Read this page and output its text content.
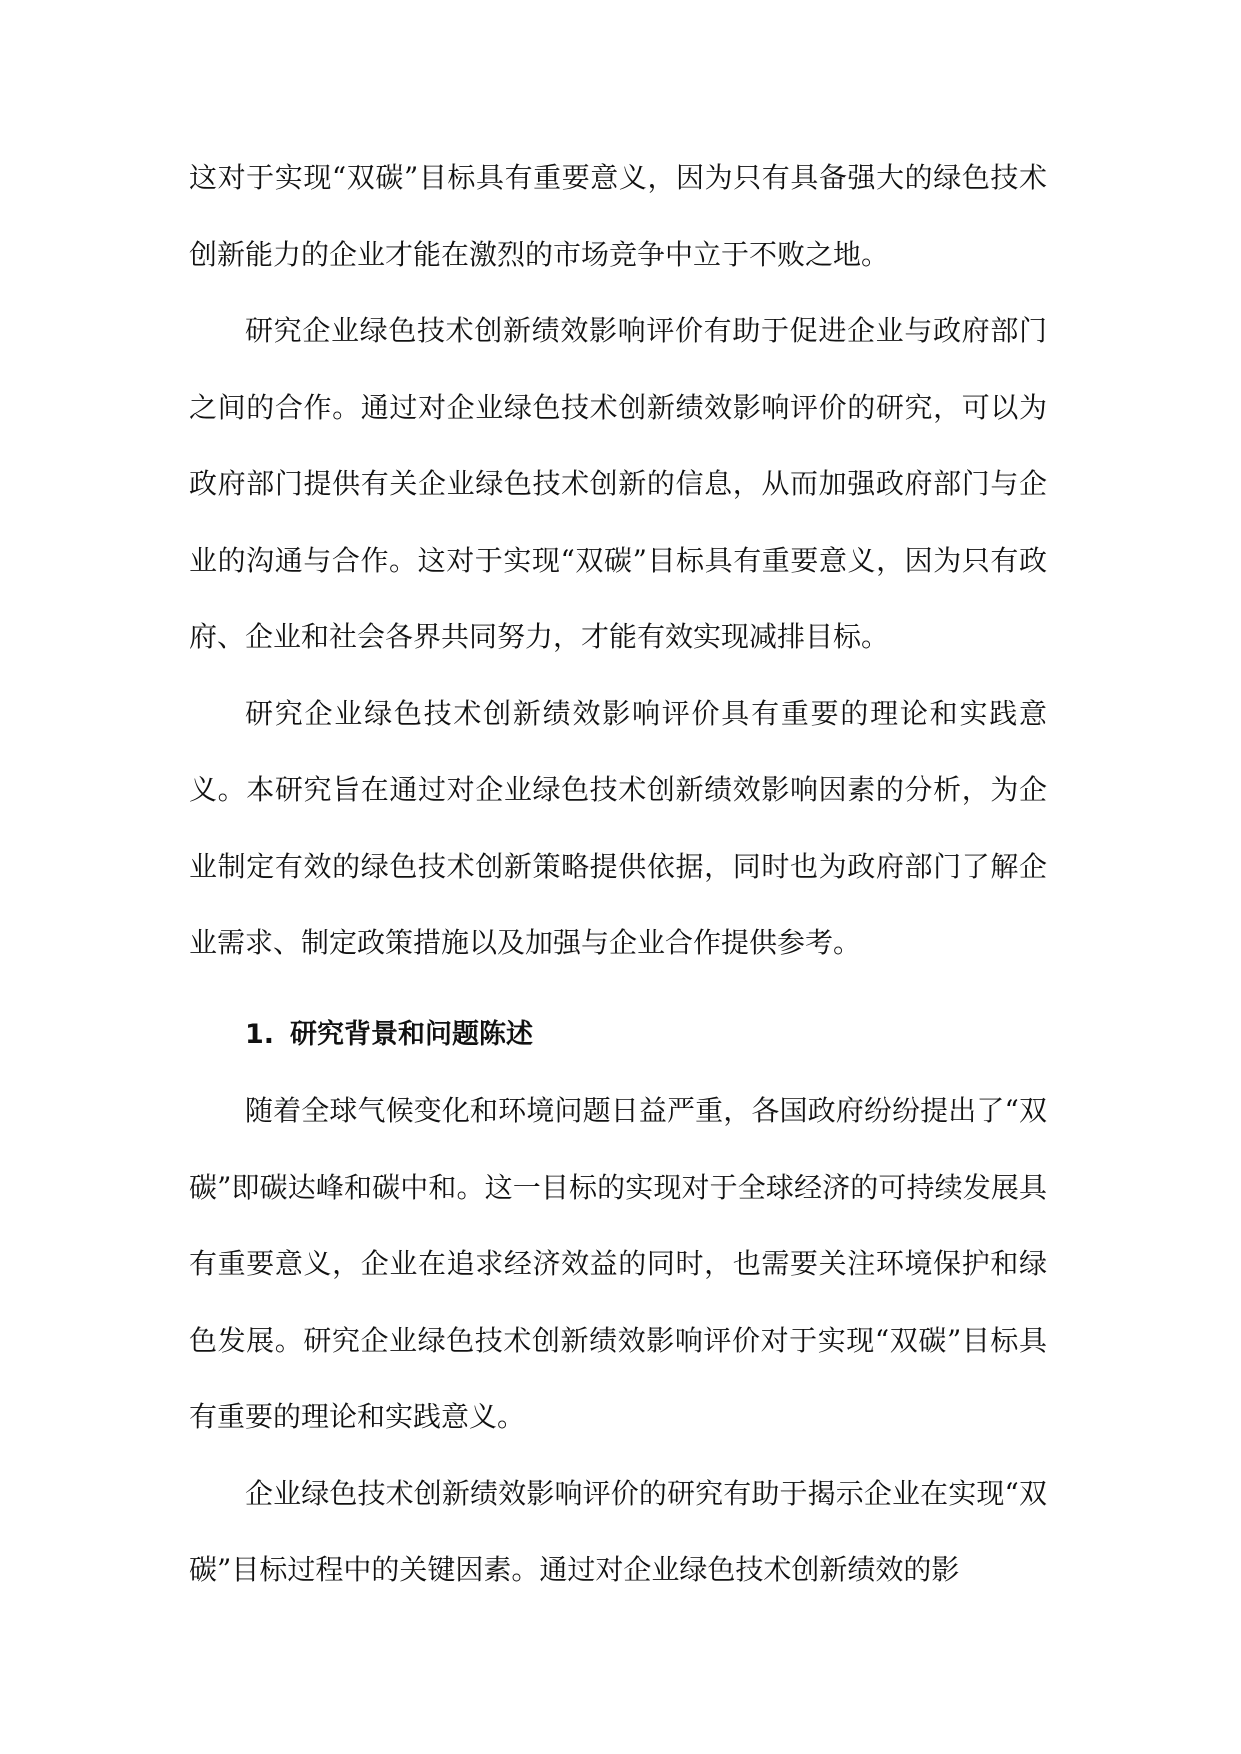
这对于实现“双碳”目标具有重要意义，因为只有具备强大的绿色技术创新能力的企业才能在激烈的市场竞争中立于不败之地。

研究企业绿色技术创新绩效影响评价有助于促进企业与政府部门之间的合作。通过对企业绿色技术创新绩效影响评价的研究，可以为政府部门提供有关企业绿色技术创新的信息，从而加强政府部门与企业的沟通与合作。这对于实现“双碳”目标具有重要意义，因为只有政府、企业和社会各界共同努力，才能有效实现减排目标。

研究企业绿色技术创新绩效影响评价具有重要的理论和实践意义。本研究旨在通过对企业绿色技术创新绩效影响因素的分析，为企业制定有效的绿色技术创新策略提供依据，同时也为政府部门了解企业需求、制定政策措施以及加强与企业合作提供参考。

1. 研究背景和问题陈述

随着全球气候变化和环境问题日益严重，各国政府纷纷提出了“双碳”即碳达峰和碳中和。这一目标的实现对于全球经济的可持续发展具有重要意义，企业在追求经济效益的同时，也需要关注环境保护和绿色发展。研究企业绿色技术创新绩效影响评价对于实现“双碳”目标具有重要的理论和实践意义。

企业绿色技术创新绩效影响评价的研究有助于揭示企业在实现“双碳”目标过程中的关键因素。通过对企业绿色技术创新绩效的影
